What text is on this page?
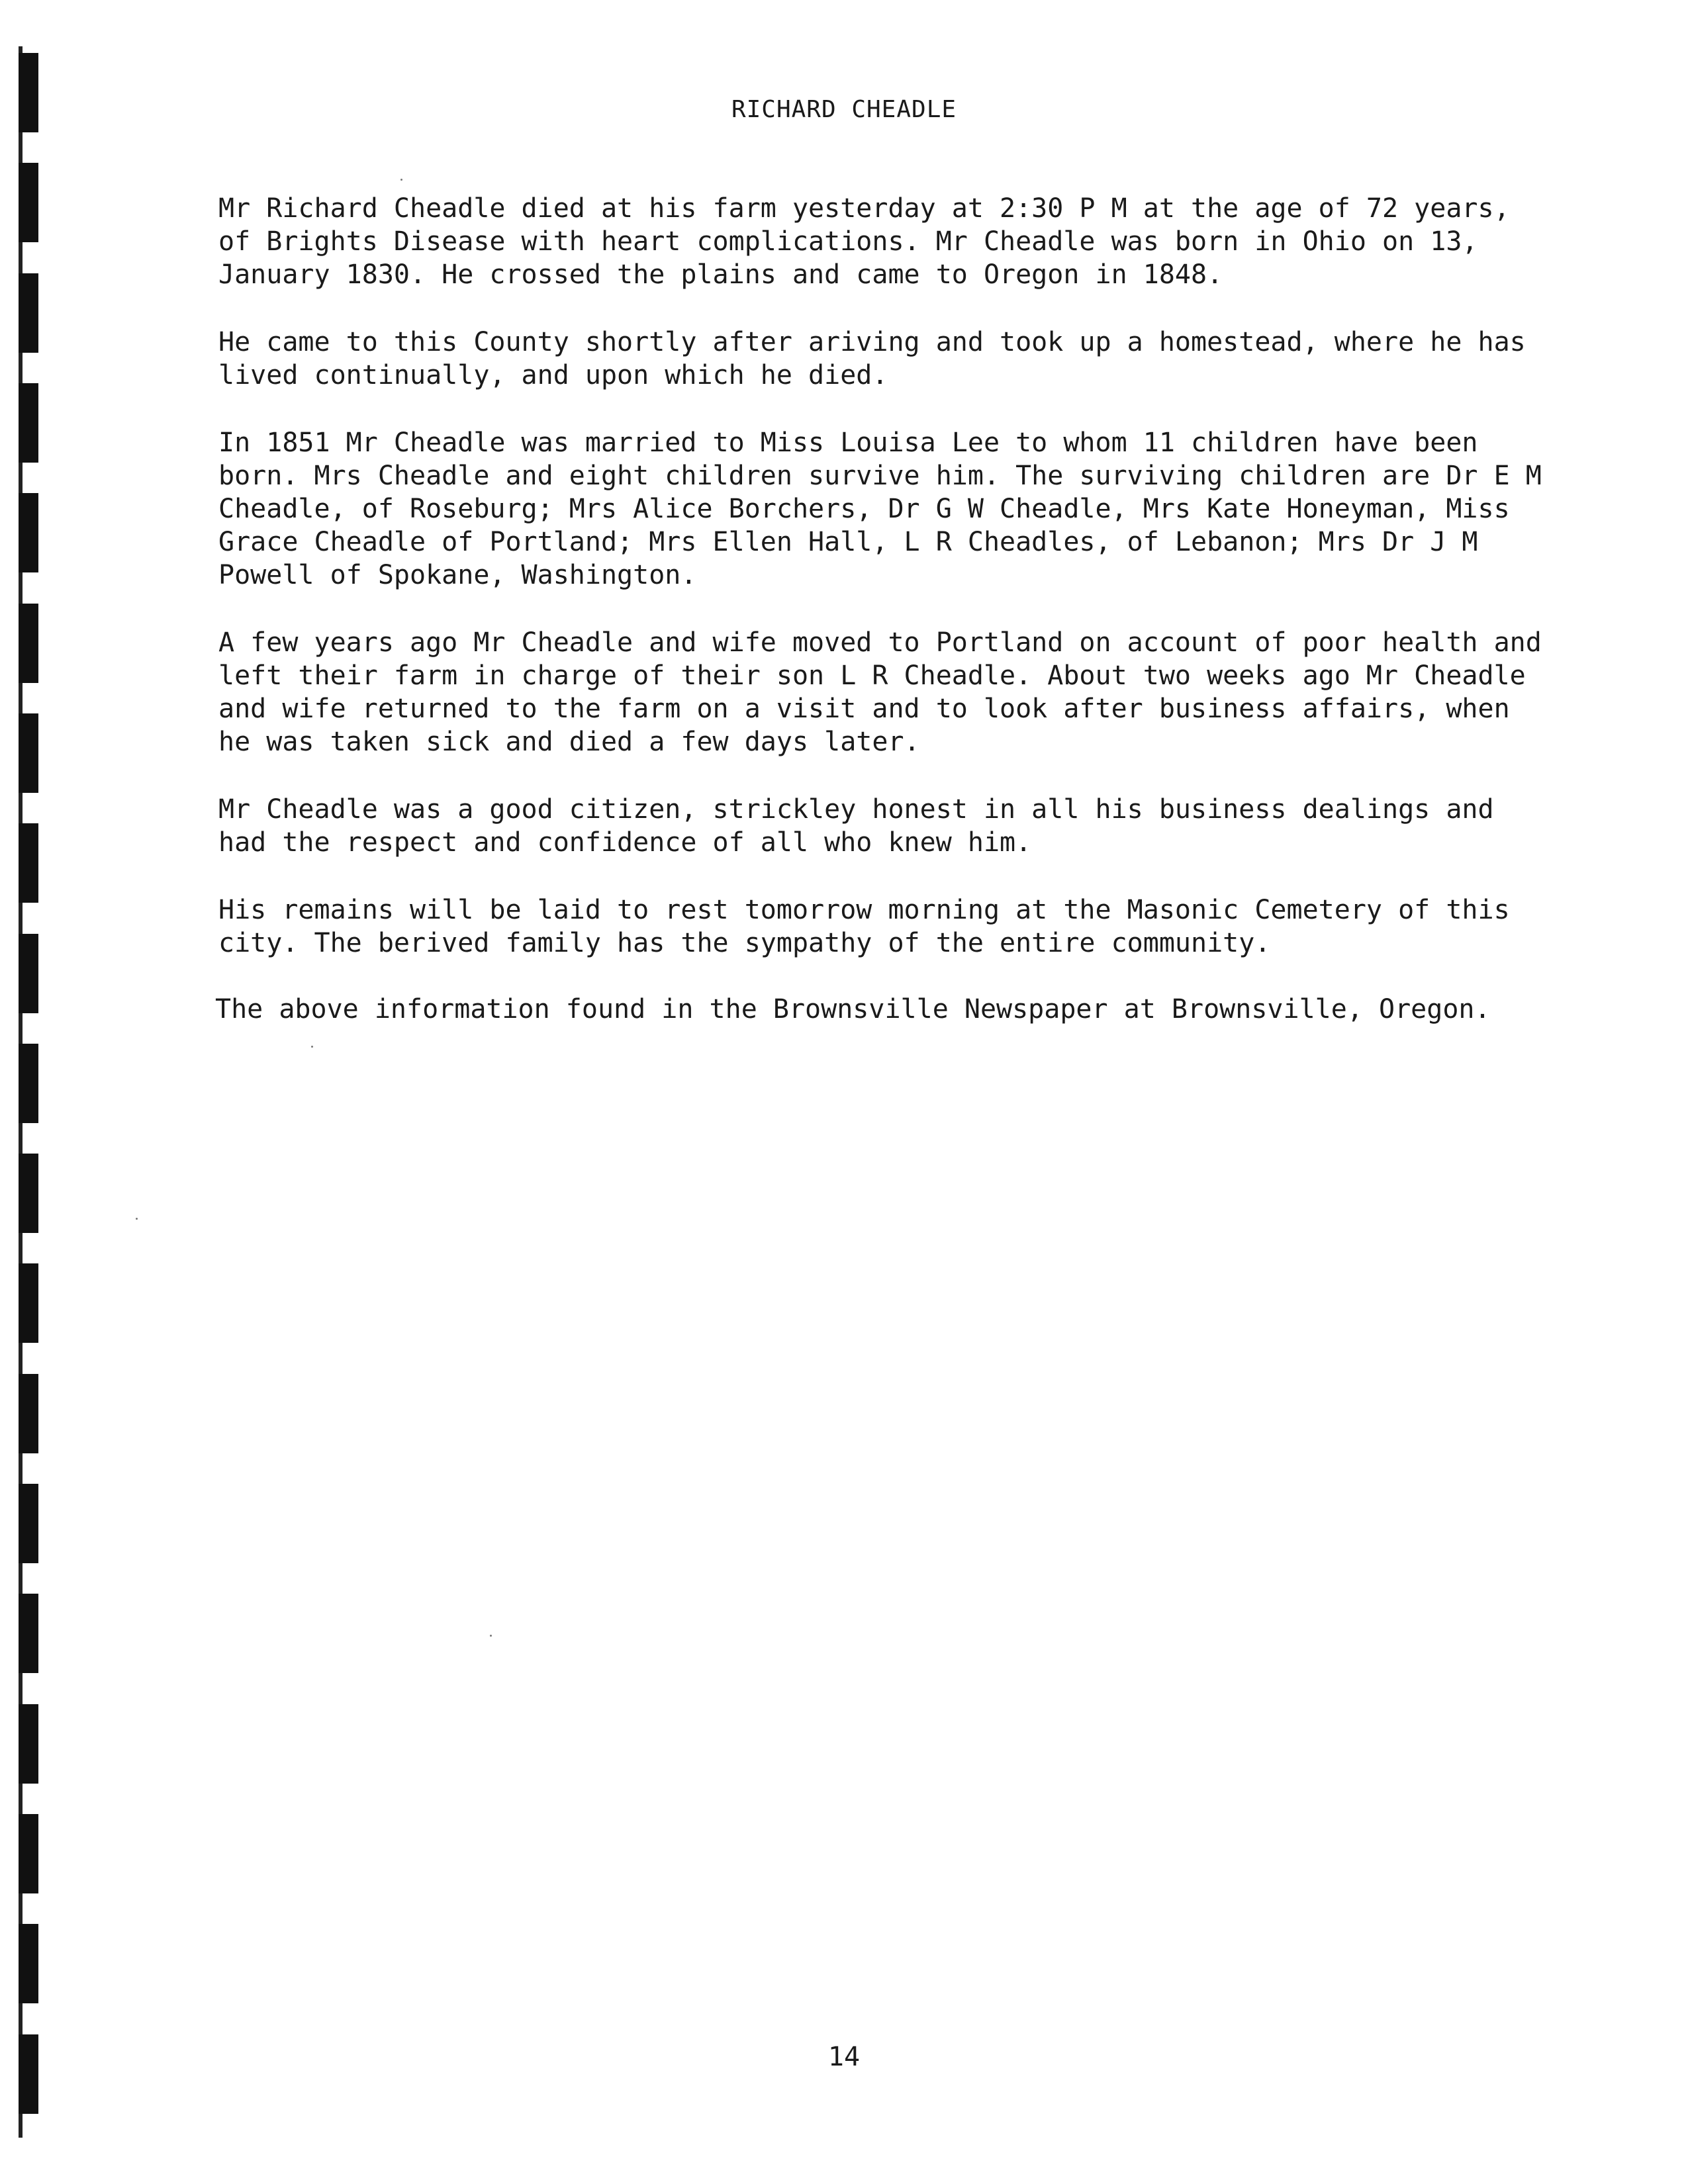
RICHARD CHEADLE

Mr Richard Cheadle died at his farm yesterday at 2:30 P M at the age of 72 years, of Brights Disease with heart complications. Mr Cheadle was born in Ohio on 13, January 1830. He crossed the plains and came to Oregon in 1848.

He came to this County shortly after ariving and took up a homestead, where he has lived continually, and upon which he died.

In 1851 Mr Cheadle was married to Miss Louisa Lee to whom 11 children have been born. Mrs Cheadle and eight children survive him. The surviving children are Dr E M Cheadle, of Roseburg; Mrs Alice Borchers, Dr G W Cheadle, Mrs Kate Honeyman, Miss Grace Cheadle of Portland; Mrs Ellen Hall, L R Cheadles, of Lebanon; Mrs Dr J M Powell of Spokane, Washington.

A few years ago Mr Cheadle and wife moved to Portland on account of poor health and left their farm in charge of their son L R Cheadle. About two weeks ago Mr Cheadle and wife returned to the farm on a visit and to look after business affairs, when he was taken sick and died a few days later.

Mr Cheadle was a good citizen, strickley honest in all his business dealings and had the respect and confidence of all who knew him.

His remains will be laid to rest tomorrow morning at the Masonic Cemetery of this city. The berived family has the sympathy of the entire community.

The above information found in the Brownsville Newspaper at Brownsville, Oregon.
14
